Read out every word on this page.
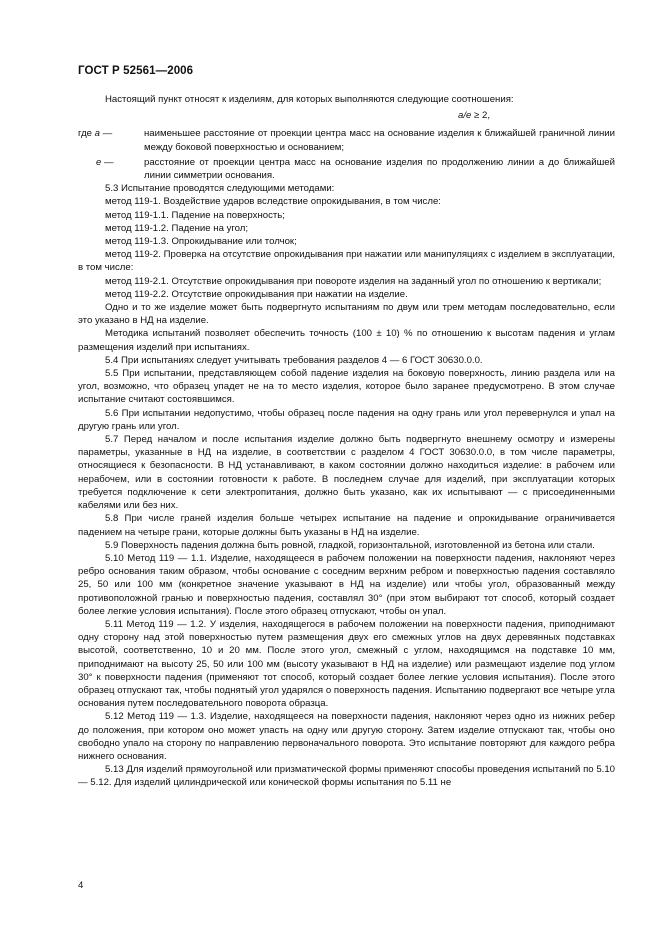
ГОСТ Р 52561—2006

Настоящий пункт относят к изделиям, для которых выполняются следующие соотношения:

a/e ≥ 2,
где a —	наименьшее расстояние от проекции центра масс на основание изделия к ближайшей граничной линии между боковой поверхностью и основанием;
e —	расстояние от проекции центра масс на основание изделия по продолжению линии а до ближайшей линии симметрии основания.

5.3 Испытание проводятся следующими методами:

метод 119-1. Воздействие ударов вследствие опрокидывания, в том числе:

метод 119-1.1. Падение на поверхность;

метод 119-1.2. Падение на угол;

метод 119-1.3. Опрокидывание или толчок;

метод 119-2. Проверка на отсутствие опрокидывания при нажатии или манипуляциях с изделием в эксплуатации, в том числе:

метод 119-2.1. Отсутствие опрокидывания при повороте изделия на заданный угол по отношению к вертикали;

метод 119-2.2. Отсутствие опрокидывания при нажатии на изделие.

Одно и то же изделие может быть подвергнуто испытаниям по двум или трем методам последовательно, если это указано в НД на изделие.

Методика испытаний позволяет обеспечить точность (100 ± 10) % по отношению к высотам падения и углам размещения изделий при испытаниях.

5.4 При испытаниях следует учитывать требования разделов 4 — 6 ГОСТ 30630.0.0.

5.5 При испытании, представляющем собой падение изделия на боковую поверхность, линию раздела или на угол, возможно, что образец упадет не на то место изделия, которое было заранее предусмотрено. В этом случае испытание считают состоявшимся.

5.6 При испытании недопустимо, чтобы образец после падения на одну грань или угол перевернулся и упал на другую грань или угол.

5.7 Перед началом и после испытания изделие должно быть подвергнуто внешнему осмотру и измерены параметры, указанные в НД на изделие, в соответствии с разделом 4 ГОСТ 30630.0.0, в том числе параметры, относящиеся к безопасности. В НД устанавливают, в каком состоянии должно находиться изделие: в рабочем или нерабочем, или в состоянии готовности к работе. В последнем случае для изделий, при эксплуатации которых требуется подключение к сети электропитания, должно быть указано, как их испытывают — с присоединенными кабелями или без них.

5.8 При числе граней изделия больше четырех испытание на падение и опрокидывание ограничивается падением на четыре грани, которые должны быть указаны в НД на изделие.

5.9 Поверхность падения должна быть ровной, гладкой, горизонтальной, изготовленной из бетона или стали.

5.10 Метод 119 — 1.1. Изделие, находящееся в рабочем положении на поверхности падения, наклоняют через ребро основания таким образом, чтобы основание с соседним верхним ребром и поверхностью падения составляло 25, 50 или 100 мм (конкретное значение указывают в НД на изделие) или чтобы угол, образованный между противоположной гранью и поверхностью падения, составлял 30° (при этом выбирают тот способ, который создает более легкие условия испытания). После этого образец отпускают, чтобы он упал.

5.11 Метод 119 — 1.2. У изделия, находящегося в рабочем положении на поверхности падения, приподнимают одну сторону над этой поверхностью путем размещения двух его смежных углов на двух деревянных подставках высотой, соответственно, 10 и 20 мм. После этого угол, смежный с углом, находящимся на подставке 10 мм, приподнимают на высоту 25, 50 или 100 мм (высоту указывают в НД на изделие) или размещают изделие под углом 30° к поверхности падения (применяют тот способ, который создает более легкие условия испытания). После этого образец отпускают так, чтобы поднятый угол ударялся о поверхность падения. Испытанию подвергают все четыре угла основания путем последовательного поворота образца.

5.12 Метод 119 — 1.3. Изделие, находящееся на поверхности падения, наклоняют через одно из нижних ребер до положения, при котором оно может упасть на одну или другую сторону. Затем изделие отпускают так, чтобы оно свободно упало на сторону по направлению первоначального поворота. Это испытание повторяют для каждого ребра нижнего основания.

5.13 Для изделий прямоугольной или призматической формы применяют способы проведения испытаний по 5.10 — 5.12. Для изделий цилиндрической или конической формы испытания по 5.11 не

4
